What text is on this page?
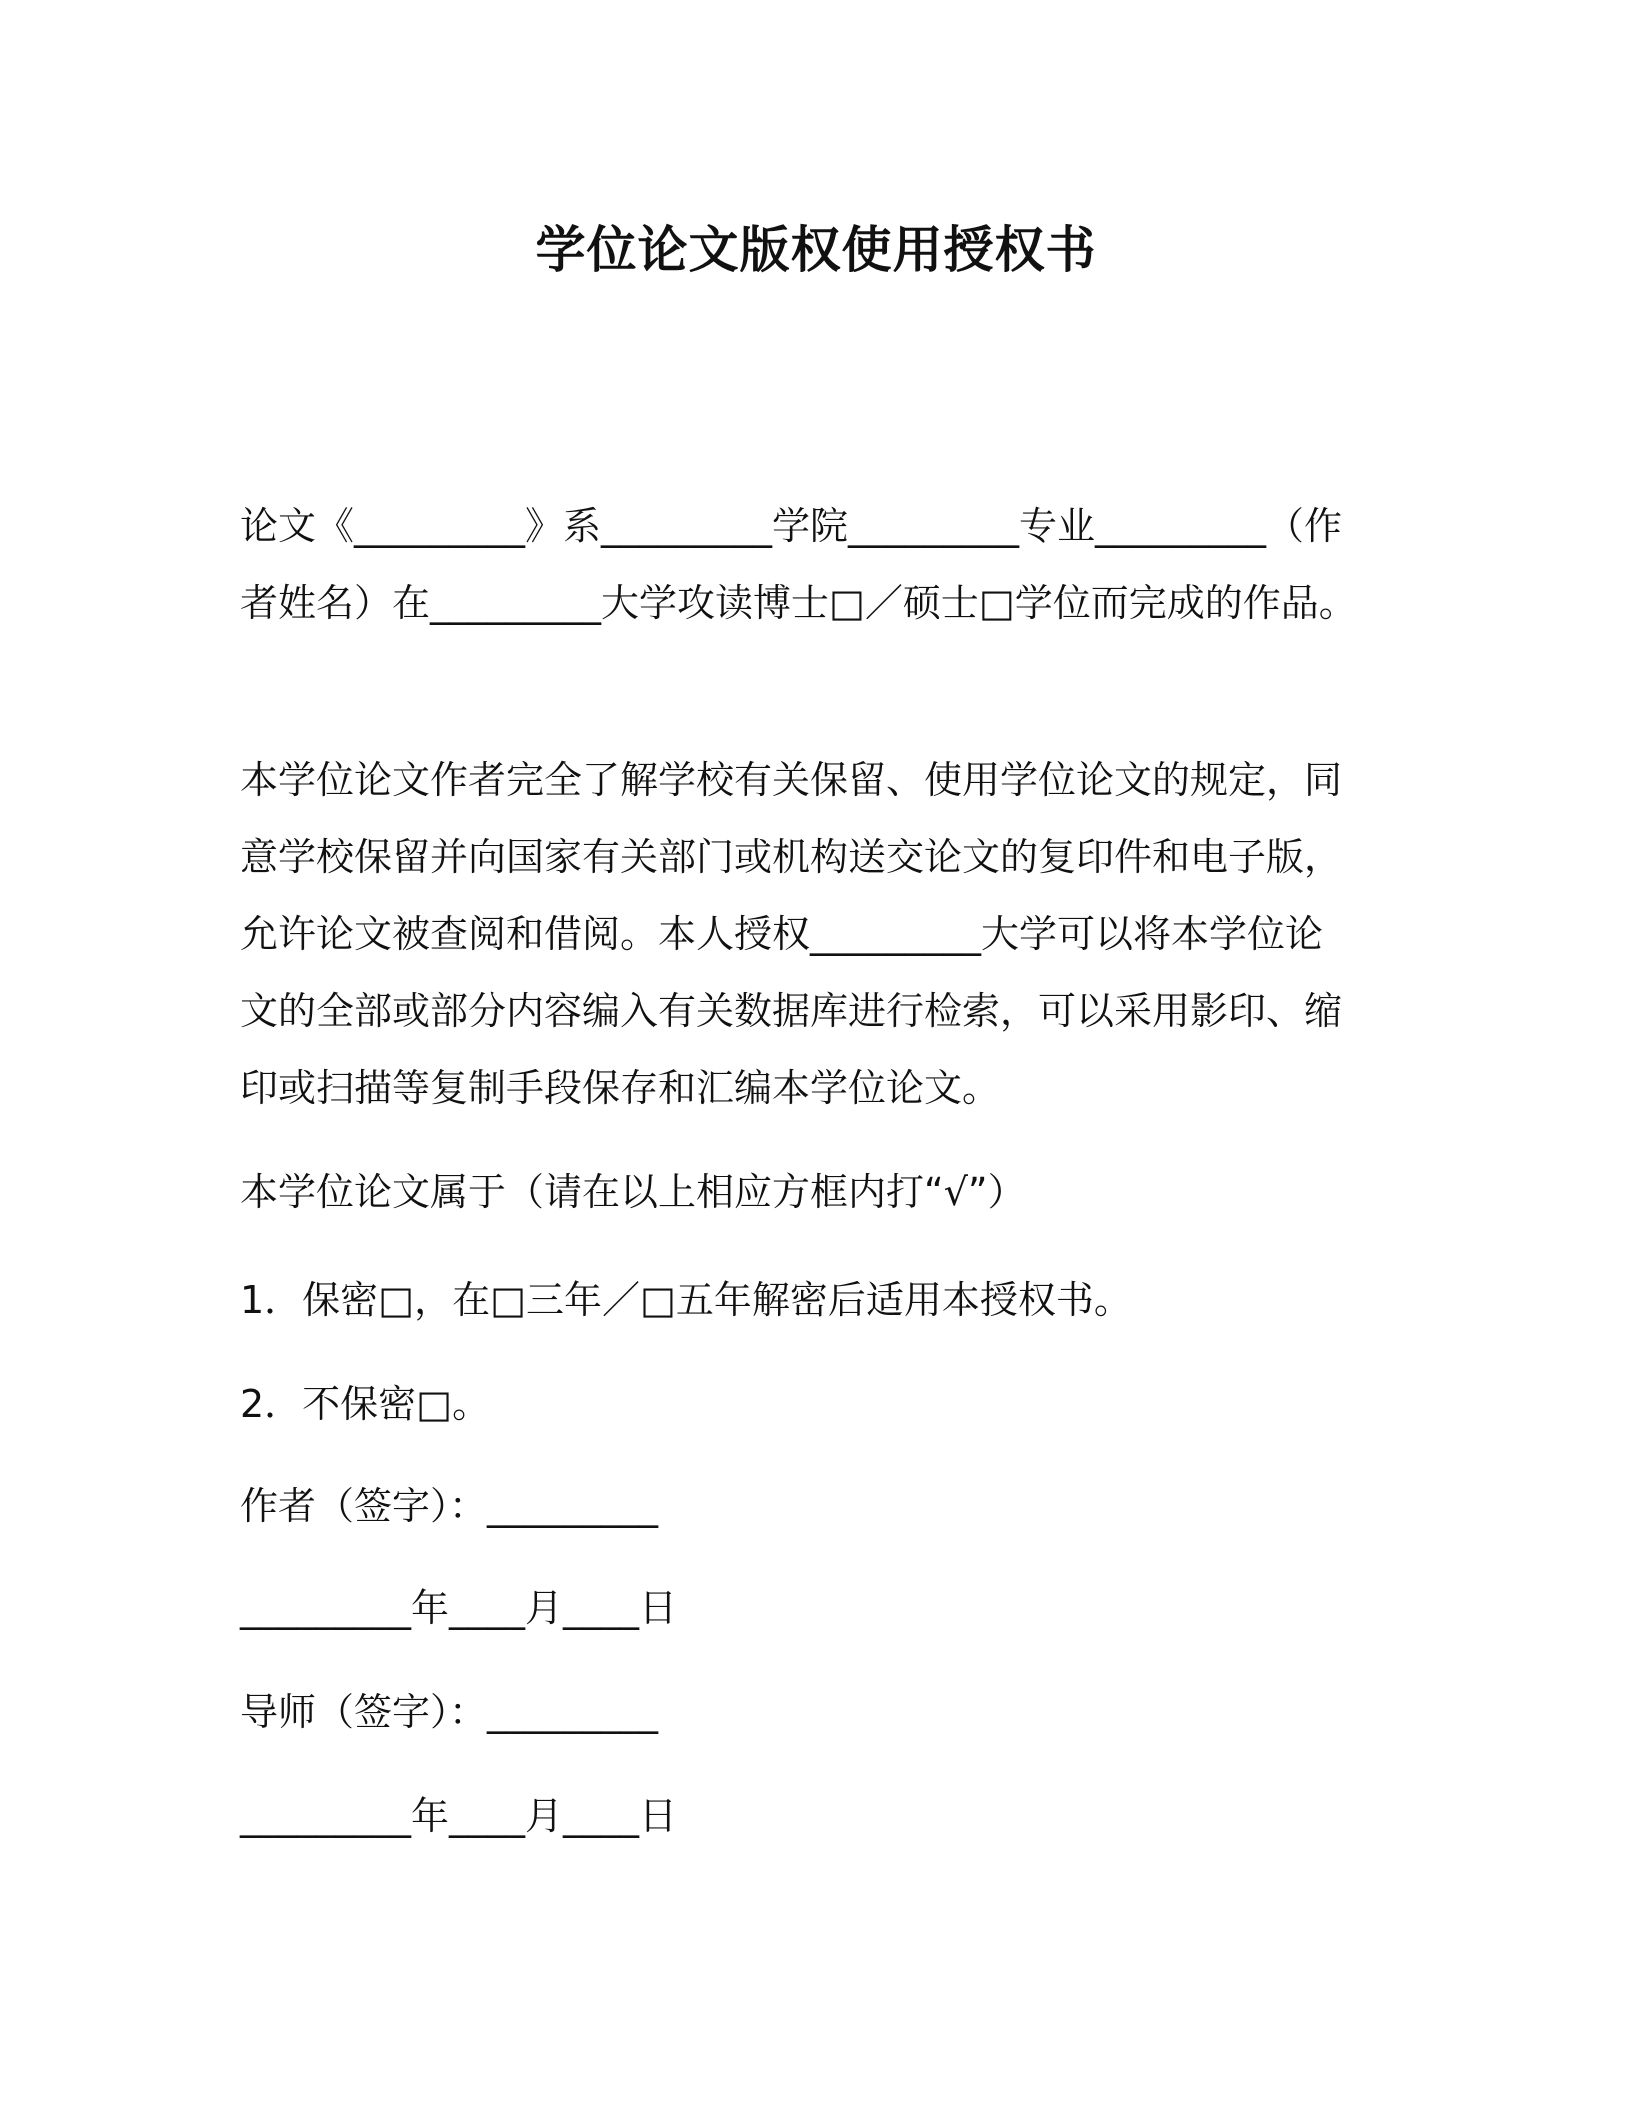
学位论文版权使用授权书

论文《_________》系_________学院_________专业_________（作者姓名）在_________大学攻读博士□／硕士□学位而完成的作品。

本学位论文作者完全了解学校有关保留、使用学位论文的规定，同意学校保留并向国家有关部门或机构送交论文的复印件和电子版，允许论文被查阅和借阅。本人授权_________大学可以将本学位论文的全部或部分内容编入有关数据库进行检索，可以采用影印、缩印或扫描等复制手段保存和汇编本学位论文。

本学位论文属于（请在以上相应方框内打“√”）
1．保密□，在□三年／□五年解密后适用本授权书。
2．不保密□。
作者（签字）：_________
_________年____月____日
导师（签字）：_________
_________年____月____日
